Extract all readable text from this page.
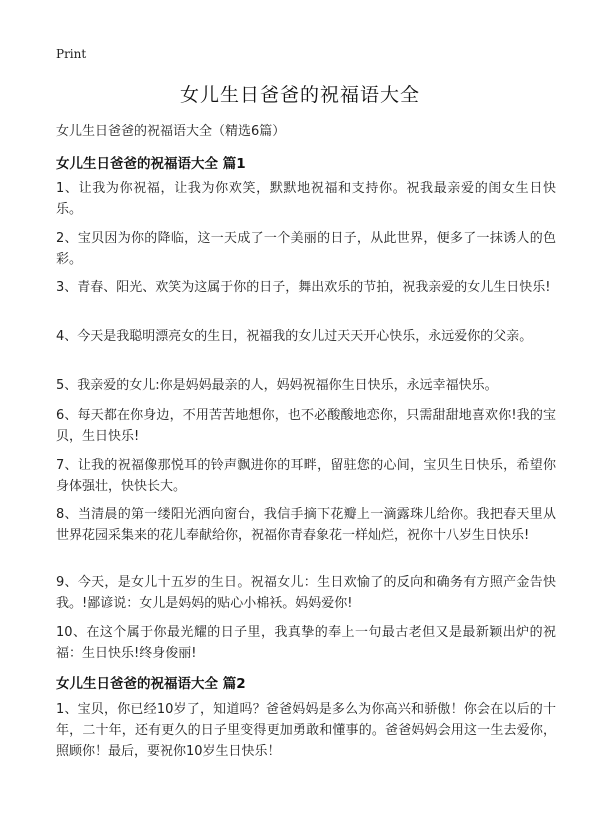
Print
女儿生日爸爸的祝福语大全
女儿生日爸爸的祝福语大全（精选6篇）
女儿生日爸爸的祝福语大全 篇1

1、让我为你祝福，让我为你欢笑，默默地祝福和支持你。祝我最亲爱的闺女生日快乐。

2、宝贝因为你的降临，这一天成了一个美丽的日子，从此世界，便多了一抹诱人的色彩。

3、青春、阳光、欢笑为这属于你的日子，舞出欢乐的节拍，祝我亲爱的女儿生日快乐!

4、今天是我聪明漂亮女的生日，祝福我的女儿过天天开心快乐，永远爱你的父亲。

5、我亲爱的女儿:你是妈妈最亲的人，妈妈祝福你生日快乐，永远幸福快乐。

6、每天都在你身边，不用苦苦地想你，也不必酸酸地恋你，只需甜甜地喜欢你!我的宝贝，生日快乐!

7、让我的祝福像那悦耳的铃声飘进你的耳畔，留驻您的心间，宝贝生日快乐，希望你身体强壮，快快长大。

8、当清晨的第一缕阳光洒向窗台，我信手摘下花瓣上一滴露珠儿给你。我把春天里从世界花园采集来的花儿奉献给你，祝福你青春象花一样灿烂，祝你十八岁生日快乐!

9、今天，是女儿十五岁的生日。祝福女儿：生日欢愉了的反向和确务有方照产金告快我。!鄙谚说：女儿是妈妈的贴心小棉袄。妈妈爱你!

10、在这个属于你最光耀的日子里，我真挚的奉上一句最古老但又是最新颖出炉的祝福：生日快乐!终身俊丽!

女儿生日爸爸的祝福语大全 篇2

1、宝贝，你已经10岁了，知道吗？爸爸妈妈是多么为你高兴和骄傲！你会在以后的十年，二十年，还有更久的日子里变得更加勇敢和懂事的。爸爸妈妈会用这一生去爱你，照顾你！最后，要祝你10岁生日快乐！
